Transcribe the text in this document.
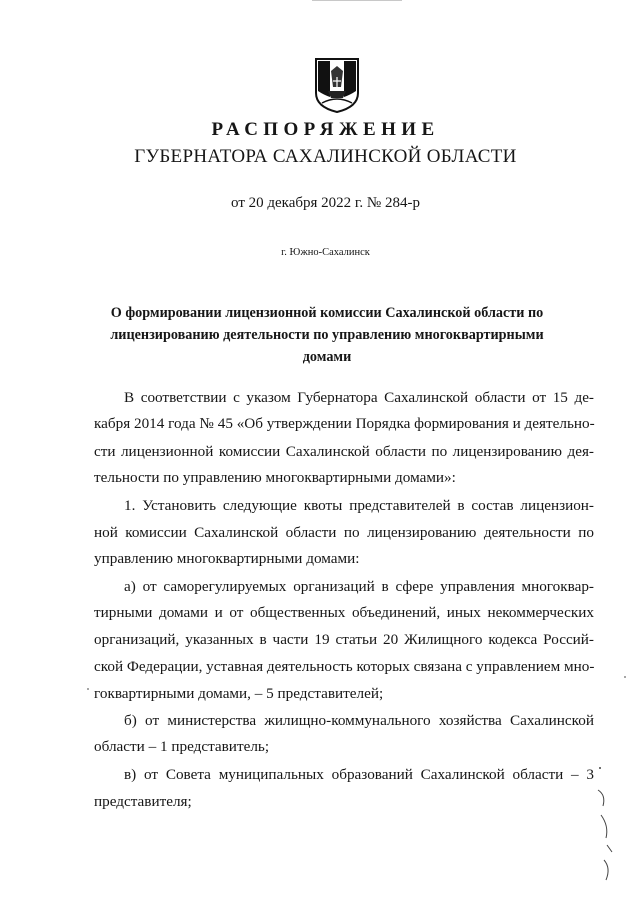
РАСПОРЯЖЕНИЕ
ГУБЕРНАТОРА САХАЛИНСКОЙ ОБЛАСТИ
от 20 декабря 2022 г. № 284-р
г. Южно-Сахалинск
О формировании лицензионной комиссии Сахалинской области по
лицензированию деятельности по управлению многоквартирными
домами
В соответствии с указом Губернатора Сахалинской области от 15 де-
кабря 2014 года № 45 «Об утверждении Порядка формирования и деятельно-
сти лицензионной комиссии Сахалинской области по лицензированию дея-
тельности по управлению многоквартирными домами»:
1. Установить следующие квоты представителей в состав лицензион-
ной комиссии Сахалинской области по лицензированию деятельности по
управлению многоквартирными домами:
а) от саморегулируемых организаций в сфере управления многоквар-
тирными домами и от общественных объединений, иных некоммерческих
организаций, указанных в части 19 статьи 20 Жилищного кодекса Россий-
ской Федерации, уставная деятельность которых связана с управлением мно-
гоквартирными домами, – 5 представителей;
б) от министерства жилищно-коммунального хозяйства Сахалинской
области – 1 представитель;
в) от Совета муниципальных образований Сахалинской области – 3
представителя;
